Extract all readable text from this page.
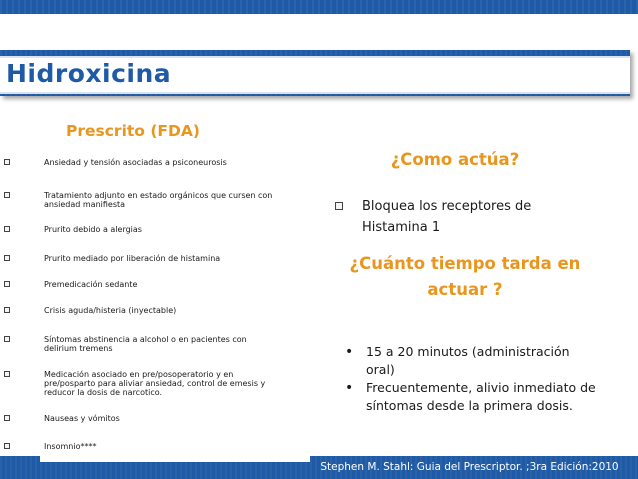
Hidroxicina
Prescrito (FDA)
Ansiedad y tensión asociadas a psiconeurosis
Tratamiento adjunto en estado orgánicos que cursen con ansiedad manifiesta
Prurito debido a alergias
Prurito mediado por liberación de histamina
Premedicación sedante
Crisis aguda/histeria (inyectable)
Síntomas abstinencia a alcohol o en pacientes con delirium tremens
Medicación asociado en pre/posoperatorio y en pre/posparto para aliviar ansiedad, control de emesis y reducor la dosis de narcotico.
Nauseas y vómitos
Insomnio****
¿Como actúa?
Bloquea los receptores de Histamina 1
¿Cuánto tiempo tarda en actuar ?
• 15 a 20 minutos (administración oral)
• Frecuentemente, alivio inmediato de síntomas desde la primera dosis.
Stephen M. Stahl: Guia del Prescriptor. ;3ra Edición:2010
